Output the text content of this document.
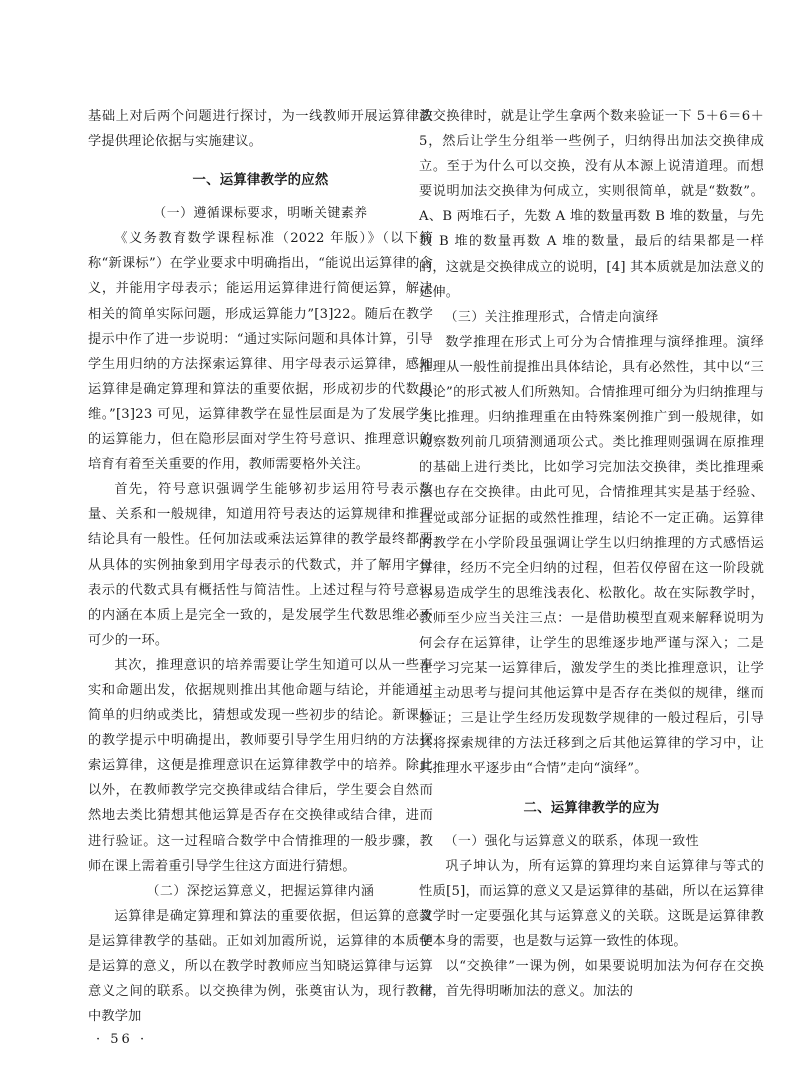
基础上对后两个问题进行探讨，为一线教师开展运算律教学提供理论依据与实施建议。

一、运算律教学的应然

（一）遵循课标要求，明晰关键素养

《义务教育数学课程标准（2022 年版）》（以下简称“新课标”）在学业要求中明确指出，“能说出运算律的含义，并能用字母表示；能运用运算律进行简便运算，解决相关的简单实际问题，形成运算能力”[3]22。随后在教学提示中作了进一步说明：“通过实际问题和具体计算，引导学生用归纳的方法探索运算律、用字母表示运算律，感知运算律是确定算理和算法的重要依据，形成初步的代数思维。”[3]23 可见，运算律教学在显性层面是为了发展学生的运算能力，但在隐形层面对学生符号意识、推理意识的培育有着至关重要的作用，教师需要格外关注。

首先，符号意识强调学生能够初步运用符号表示数量、关系和一般规律，知道用符号表达的运算规律和推理结论具有一般性。任何加法或乘法运算律的教学最终都要从具体的实例抽象到用字母表示的代数式，并了解用字母表示的代数式具有概括性与简洁性。上述过程与符号意识的内涵在本质上是完全一致的，是发展学生代数思维必不可少的一环。

其次，推理意识的培养需要让学生知道可以从一些事实和命题出发，依据规则推出其他命题与结论，并能通过简单的归纳或类比，猜想或发现一些初步的结论。新课标的教学提示中明确提出，教师要引导学生用归纳的方法探索运算律，这便是推理意识在运算律教学中的培养。除此以外，在教师教学完交换律或结合律后，学生要会自然而然地去类比猜想其他运算是否存在交换律或结合律，进而进行验证。这一过程暗合数学中合情推理的一般步骤，教师在课上需着重引导学生往这方面进行猜想。

（二）深挖运算意义，把握运算律内涵

运算律是确定算理和算法的重要依据，但运算的意义是运算律教学的基础。正如刘加霞所说，运算律的本质便是运算的意义，所以在教学时教师应当知晓运算律与运算意义之间的联系。以交换律为例，张奠宙认为，现行教材中教学加

法交换律时，就是让学生拿两个数来验证一下 5＋6＝6＋5，然后让学生分组举一些例子，归纳得出加法交换律成立。至于为什么可以交换，没有从本源上说清道理。而想要说明加法交换律为何成立，实则很简单，就是“数数”。A、B 两堆石子，先数 A 堆的数量再数 B 堆的数量，与先数 B 堆的数量再数 A 堆的数量，最后的结果都是一样的，这就是交换律成立的说明，[4] 其本质就是加法意义的延伸。

（三）关注推理形式，合情走向演绎

数学推理在形式上可分为合情推理与演绎推理。演绎推理从一般性前提推出具体结论，具有必然性，其中以“三段论”的形式被人们所熟知。合情推理可细分为归纳推理与类比推理。归纳推理重在由特殊案例推广到一般规律，如观察数列前几项猜测通项公式。类比推理则强调在原推理的基础上进行类比，比如学习完加法交换律，类比推理乘法也存在交换律。由此可见，合情推理其实是基于经验、直觉或部分证据的或然性推理，结论不一定正确。运算律的教学在小学阶段虽强调让学生以归纳推理的方式感悟运算律，经历不完全归纳的过程，但若仅停留在这一阶段就容易造成学生的思维浅表化、松散化。故在实际教学时，教师至少应当关注三点：一是借助模型直观来解释说明为何会存在运算律，让学生的思维逐步地严谨与深入；二是在学习完某一运算律后，激发学生的类比推理意识，让学生主动思考与提问其他运算中是否存在类似的规律，继而验证；三是让学生经历发现数学规律的一般过程后，引导其将探索规律的方法迁移到之后其他运算律的学习中，让其推理水平逐步由“合情”走向“演绎”。

二、运算律教学的应为

（一）强化与运算意义的联系，体现一致性

巩子坤认为，所有运算的算理均来自运算律与等式的性质[5]，而运算的意义又是运算律的基础，所以在运算律教学时一定要强化其与运算意义的关联。这既是运算律教学本身的需要，也是数与运算一致性的体现。

以“交换律”一课为例，如果要说明加法为何存在交换律，首先得明晰加法的意义。加法的

· 56 ·
